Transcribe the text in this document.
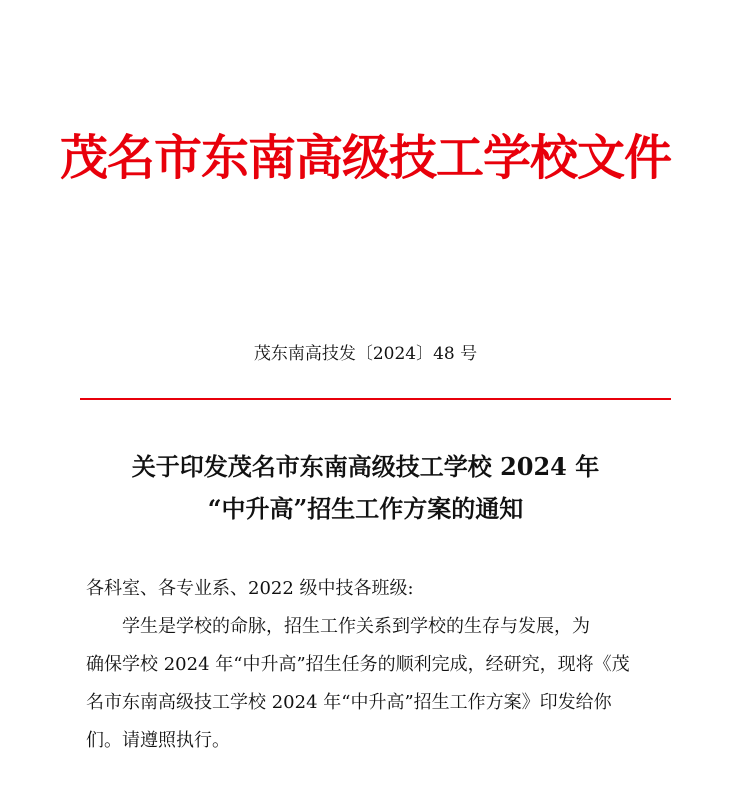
茂名市东南高级技工学校文件
茂东南高技发〔2024〕48 号
关于印发茂名市东南高级技工学校 2024 年
“中升高”招生工作方案的通知

各科室、各专业系、2022 级中技各班级:

学生是学校的命脉，招生工作关系到学校的生存与发展，为
确保学校 2024 年“中升高”招生任务的顺利完成，经研究，现将《茂
名市东南高级技工学校 2024 年“中升高”招生工作方案》印发给你
们。请遵照执行。
